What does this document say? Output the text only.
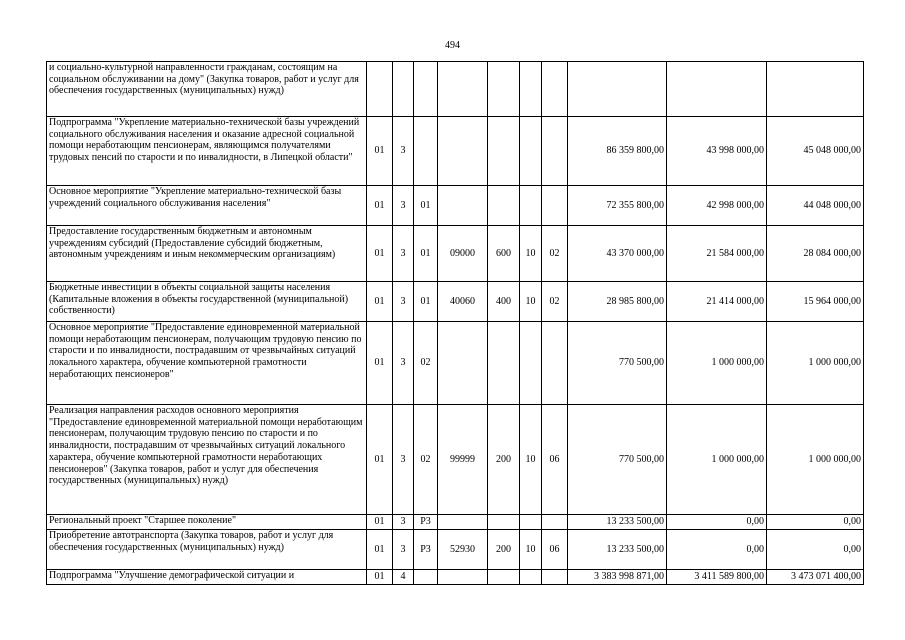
494
и социально-культурной направленности гражданам, состоящим на социальном обслуживании на дому" (Закупка товаров, работ и услуг для обеспечения государственных (муниципальных) нужд)										
Подпрограмма "Укрепление материально-технической базы учреждений социального обслуживания населения и оказание адресной социальной помощи неработающим пенсионерам, являющимся получателями трудовых пенсий по старости и по инвалидности, в Липецкой области"	01	3						86 359 800,00	43 998 000,00	45 048 000,00
Основное мероприятие "Укрепление материально-технической базы учреждений социального обслуживания населения"	01	3	01					72 355 800,00	42 998 000,00	44 048 000,00
Предоставление государственным бюджетным и автономным учреждениям субсидий (Предоставление субсидий бюджетным, автономным учреждениям и иным некоммерческим организациям)	01	3	01	09000	600	10	02	43 370 000,00	21 584 000,00	28 084 000,00
Бюджетные инвестиции в объекты социальной защиты населения (Капитальные вложения в объекты государственной (муниципальной) собственности)	01	3	01	40060	400	10	02	28 985 800,00	21 414 000,00	15 964 000,00
Основное мероприятие "Предоставление единовременной материальной помощи неработающим пенсионерам, получающим трудовую пенсию по старости и по инвалидности, пострадавшим от чрезвычайных ситуаций локального характера, обучение компьютерной грамотности неработающих пенсионеров"	01	3	02					770 500,00	1 000 000,00	1 000 000,00
Реализация направления расходов основного мероприятия "Предоставление единовременной материальной помощи неработающим пенсионерам, получающим трудовую пенсию по старости и по инвалидности, пострадавшим от чрезвычайных ситуаций локального характера, обучение компьютерной грамотности неработающих пенсионеров" (Закупка товаров, работ и услуг для обеспечения государственных (муниципальных) нужд)	01	3	02	99999	200	10	06	770 500,00	1 000 000,00	1 000 000,00
Региональный проект "Старшее поколение"	01	3	P3					13 233 500,00	0,00	0,00
Приобретение автотранспорта (Закупка товаров, работ и услуг для обеспечения государственных (муниципальных) нужд)	01	3	P3	52930	200	10	06	13 233 500,00	0,00	0,00
Подпрограмма "Улучшение демографической ситуации и	01	4						3 383 998 871,00	3 411 589 800,00	3 473 071 400,00
